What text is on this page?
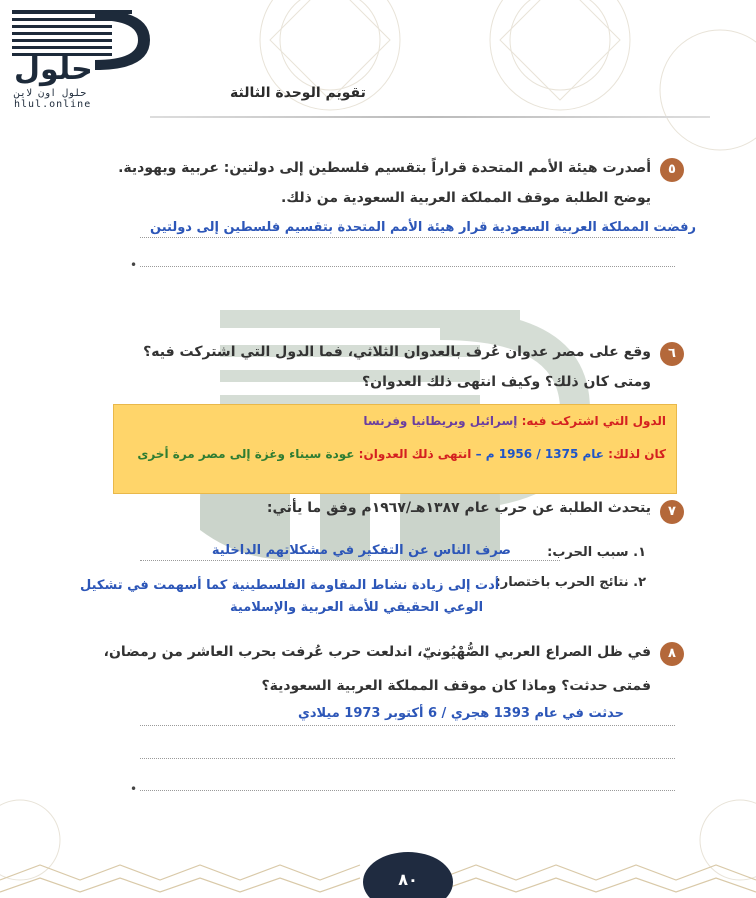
حلول
حلول اون لاين
hlul.online
تقويم الوحدة الثالثة
٥
أصدرت هيئة الأمم المتحدة قراراً بتقسيم فلسطين إلى دولتين: عربية ويهودية.
يوضح الطلبة موقف المملكة العربية السعودية من ذلك.
رفضت المملكة العربية السعودية قرار هيئة الأمم المتحدة بتقسيم فلسطين إلى دولتين
•
٦
وقع على مصر عدوان عُرف بالعدوان الثلاثي، فما الدول التي اشتركت فيه؟
ومتى كان ذلك؟ وكيف انتهى ذلك العدوان؟
الدول التي اشتركت فيه: إسرائيل وبريطانيا وفرنسا
كان لذلك: عام 1375 / 1956 م – انتهى ذلك العدوان: عودة سيناء وغزة إلى مصر مرة أخرى
٧
يتحدث الطلبة عن حرب عام ١٣٨٧هـ/١٩٦٧م وفق ما يأتي:
١. سبب الحرب:
صرف الناس عن التفكير في مشكلاتهم الداخلية
٢. نتائج الحرب باختصار:
أدت إلى زيادة نشاط المقاومة الفلسطينية كما أسهمت في تشكيل
الوعي الحقيقي للأمة العربية والإسلامية
٨
في ظل الصراع العربي الصُّهْيُونيّ، اندلعت حرب عُرفت بحرب العاشر من رمضان،
فمتى حدثت؟ وماذا كان موقف المملكة العربية السعودية؟
حدثت في عام 1393 هجري / 6 أكتوبر 1973 ميلادي
•
٨٠
